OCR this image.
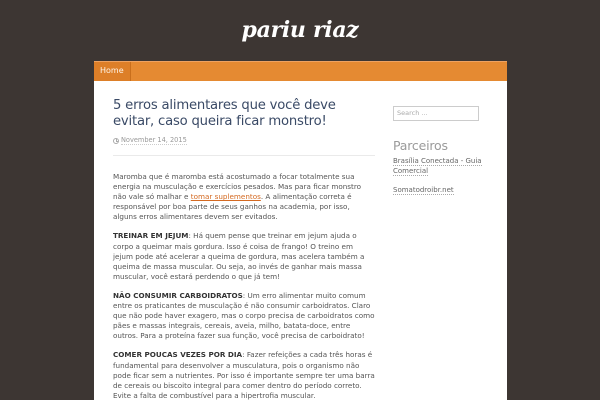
pariu riaz
Home
5 erros alimentares que você deve evitar, caso queira ficar monstro!
November 14, 2015

Maromba que é maromba está acostumado a focar totalmente sua energia na musculação e exercícios pesados. Mas para ficar monstro não vale só malhar e tomar suplementos. A alimentação correta é responsável por boa parte de seus ganhos na academia, por isso, alguns erros alimentares devem ser evitados.

TREINAR EM JEJUM: Há quem pense que treinar em jejum ajuda o corpo a queimar mais gordura. Isso é coisa de frango! O treino em jejum pode até acelerar a queima de gordura, mas acelera também a queima de massa muscular. Ou seja, ao invés de ganhar mais massa muscular, você estará perdendo o que já tem!

NÃO CONSUMIR CARBOIDRATOS: Um erro alimentar muito comum entre os praticantes de musculação é não consumir carboidratos. Claro que não pode haver exagero, mas o corpo precisa de carboidratos como pães e massas integrais, cereais, aveia, milho, batata-doce, entre outros. Para a proteína fazer sua função, você precisa de carboidrato!

COMER POUCAS VEZES POR DIA: Fazer refeições a cada três horas é fundamental para desenvolver a musculatura, pois o organismo não pode ficar sem a nutrientes. Por isso é importante sempre ter uma barra de cereais ou biscoito integral para comer dentro do período correto. Evite a falta de combustível para a hipertrofia muscular.

Search ...
Parceiros
Brasília Conectada - Guia Comercial
Somatodroibr.net
